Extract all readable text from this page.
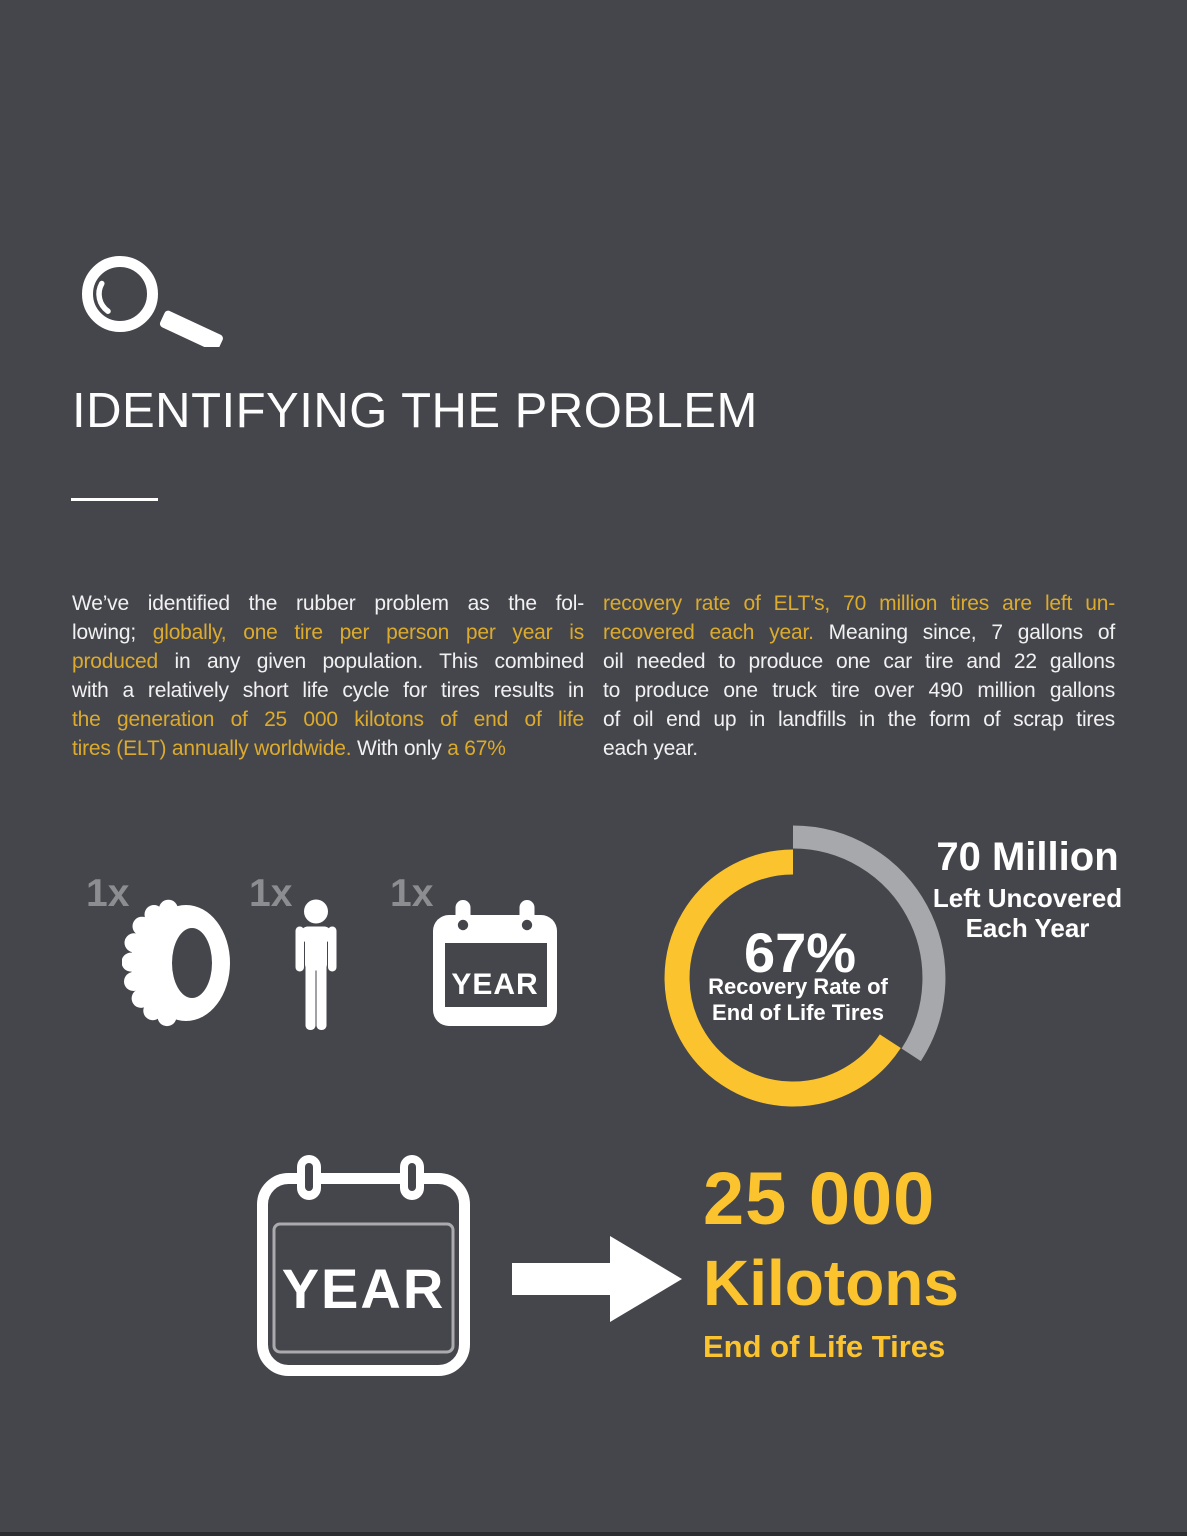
IDENTIFYING THE PROBLEM
We’ve identified the rubber problem as the fol-
lowing; globally, one tire per person per year is
produced in any given population. This combined
with a relatively short life cycle for tires results in
the generation of 25 000 kilotons of end of life
tires (ELT) annually worldwide. With only a 67%
recovery rate of ELT’s, 70 million tires are left un-
recovered each year. Meaning since, 7 gallons of
oil needed to produce one car tire and 22 gallons
to produce one truck tire over 490 million gallons
of oil end up in landfills in the form of scrap tires
each year.
1x	1x	1x
YEAR
67%
Recovery Rate of
End of Life Tires
70 Million
Left Uncovered
Each Year
YEAR
25 000
Kilotons
End of Life Tires
